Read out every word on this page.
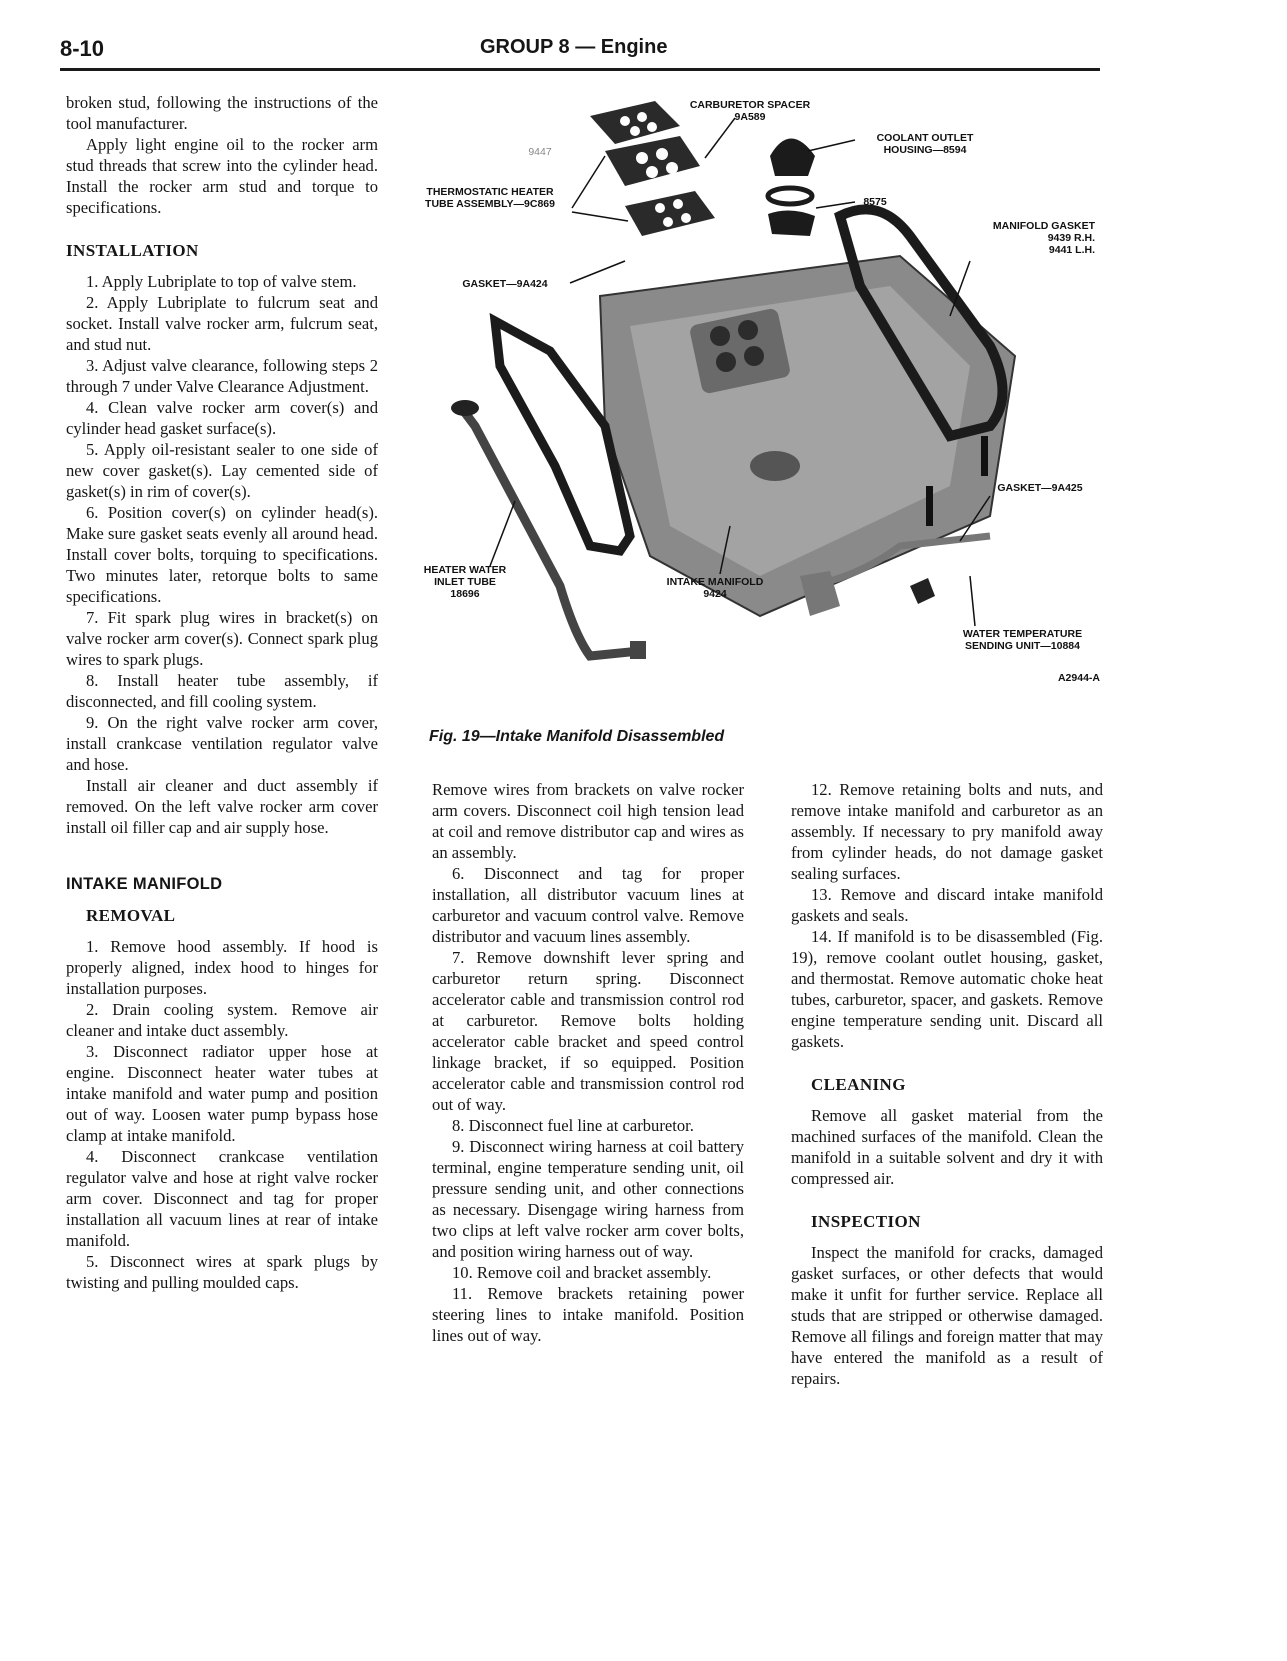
8-10	GROUP 8 — Engine

broken stud, following the instructions of the tool manufacturer.

Apply light engine oil to the rocker arm stud threads that screw into the cylinder head. Install the rocker arm stud and torque to specifications.

INSTALLATION

1. Apply Lubriplate to top of valve stem.

2. Apply Lubriplate to fulcrum seat and socket. Install valve rocker arm, fulcrum seat, and stud nut.

3. Adjust valve clearance, following steps 2 through 7 under Valve Clearance Adjustment.

4. Clean valve rocker arm cover(s) and cylinder head gasket surface(s).

5. Apply oil-resistant sealer to one side of new cover gasket(s). Lay cemented side of gasket(s) in rim of cover(s).

6. Position cover(s) on cylinder head(s). Make sure gasket seats evenly all around head. Install cover bolts, torquing to specifications. Two minutes later, retorque bolts to same specifications.

7. Fit spark plug wires in bracket(s) on valve rocker arm cover(s). Connect spark plug wires to spark plugs.

8. Install heater tube assembly, if disconnected, and fill cooling system.

9. On the right valve rocker arm cover, install crankcase ventilation regulator valve and hose.

Install air cleaner and duct assembly if removed. On the left valve rocker arm cover install oil filler cap and air supply hose.

INTAKE MANIFOLD
REMOVAL

1. Remove hood assembly. If hood is properly aligned, index hood to hinges for installation purposes.

2. Drain cooling system. Remove air cleaner and intake duct assembly.

3. Disconnect radiator upper hose at engine. Disconnect heater water tubes at intake manifold and water pump and position out of way. Loosen water pump bypass hose clamp at intake manifold.

4. Disconnect crankcase ventilation regulator valve and hose at right valve rocker arm cover. Disconnect and tag for proper installation all vacuum lines at rear of intake manifold.

5. Disconnect wires at spark plugs by twisting and pulling moulded caps.

CARBURETOR SPACER
9A589
9447
COOLANT OUTLET
HOUSING—8594
THERMOSTATIC HEATER
TUBE ASSEMBLY—9C869	8575
MANIFOLD GASKET
9439 R.H.
9441 L.H.
GASKET—9A424
GASKET—9A425
HEATER WATER
INLET TUBE
18696
INTAKE MANIFOLD
9424
WATER TEMPERATURE
SENDING UNIT—10884
A2944-A
Fig. 19—Intake Manifold Disassembled

Remove wires from brackets on valve rocker arm covers. Disconnect coil high tension lead at coil and remove distributor cap and wires as an assembly.

6. Disconnect and tag for proper installation, all distributor vacuum lines at carburetor and vacuum control valve. Remove distributor and vacuum lines assembly.

7. Remove downshift lever spring and carburetor return spring. Disconnect accelerator cable and transmission control rod at carburetor. Remove bolts holding accelerator cable bracket and speed control linkage bracket, if so equipped. Position accelerator cable and transmission control rod out of way.

8. Disconnect fuel line at carburetor.

9. Disconnect wiring harness at coil battery terminal, engine temperature sending unit, oil pressure sending unit, and other connections as necessary. Disengage wiring harness from two clips at left valve rocker arm cover bolts, and position wiring harness out of way.

10. Remove coil and bracket assembly.

11. Remove brackets retaining power steering lines to intake manifold. Position lines out of way.

12. Remove retaining bolts and nuts, and remove intake manifold and carburetor as an assembly. If necessary to pry manifold away from cylinder heads, do not damage gasket sealing surfaces.

13. Remove and discard intake manifold gaskets and seals.

14. If manifold is to be disassembled (Fig. 19), remove coolant outlet housing, gasket, and thermostat. Remove automatic choke heat tubes, carburetor, spacer, and gaskets. Remove engine temperature sending unit. Discard all gaskets.

CLEANING

Remove all gasket material from the machined surfaces of the manifold. Clean the manifold in a suitable solvent and dry it with compressed air.

INSPECTION

Inspect the manifold for cracks, damaged gasket surfaces, or other defects that would make it unfit for further service. Replace all studs that are stripped or otherwise damaged. Remove all filings and foreign matter that may have entered the manifold as a result of repairs.
